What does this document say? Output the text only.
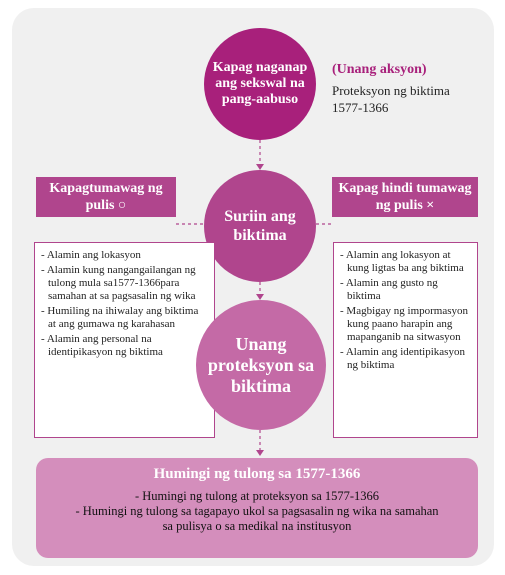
Kapag naganap ang sekswal na pang-aabuso
(Unang aksyon)
Proteksyon ng biktima
1577-1366
Kapagtumawag ng pulis ○
Suriin ang biktima
Kapag hindi tumawag ng pulis ×
- Alamin ang lokasyon
- Alamin kung nangangailangan ng tulong mula sa1577-1366para samahan at sa pagsasalin ng wika
- Humiling na ihiwalay ang biktima at ang gumawa ng karahasan
- Alamin ang personal na identipikasyon ng biktima	Unang proteksyon sa biktima
- Alamin ang lokasyon at kung ligtas ba ang biktima
- Alamin ang gusto ng biktima
- Magbigay ng impormasyon kung paano harapin ang mapanganib na sitwasyon
- Alamin ang identipikasyon ng biktima
Humingi ng tulong sa 1577-1366
- Humingi ng tulong at proteksyon sa 1577-1366
- Humingi ng tulong sa tagapayo ukol sa pagsasalin ng wika na samahan
sa pulisya o sa medikal na institusyon
